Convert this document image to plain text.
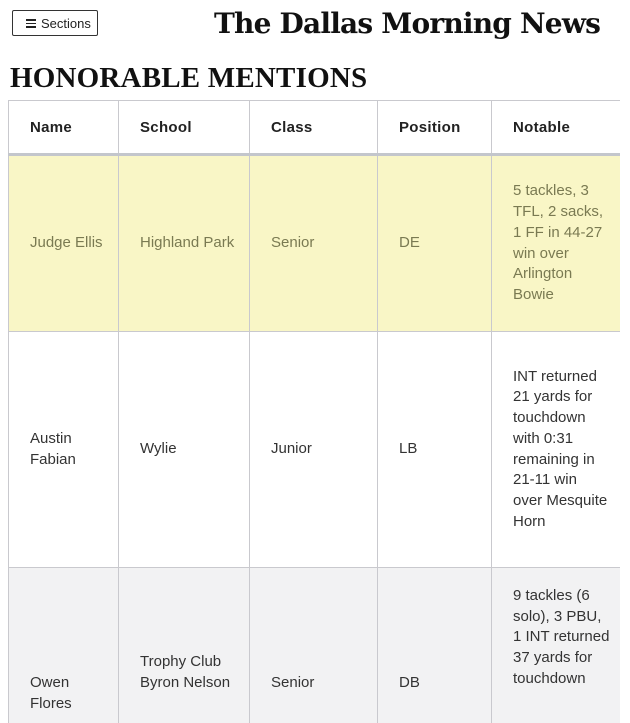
Sections	The Dallas Morning News
HONORABLE MENTIONS
Name	School	Class	Position	Notable
Judge Ellis	Highland Park	Senior	DE	5 tackles, 3 TFL, 2 sacks, 1 FF in 44-27 win over Arlington Bowie
Austin Fabian	Wylie	Junior	LB	INT returned 21 yards for touchdown with 0:31 remaining in 21-11 win over Mesquite Horn
Owen Flores	Trophy Club Byron Nelson	Senior	DB	9 tackles (6 solo), 3 PBU, 1 INT returned 37 yards for touchdown
